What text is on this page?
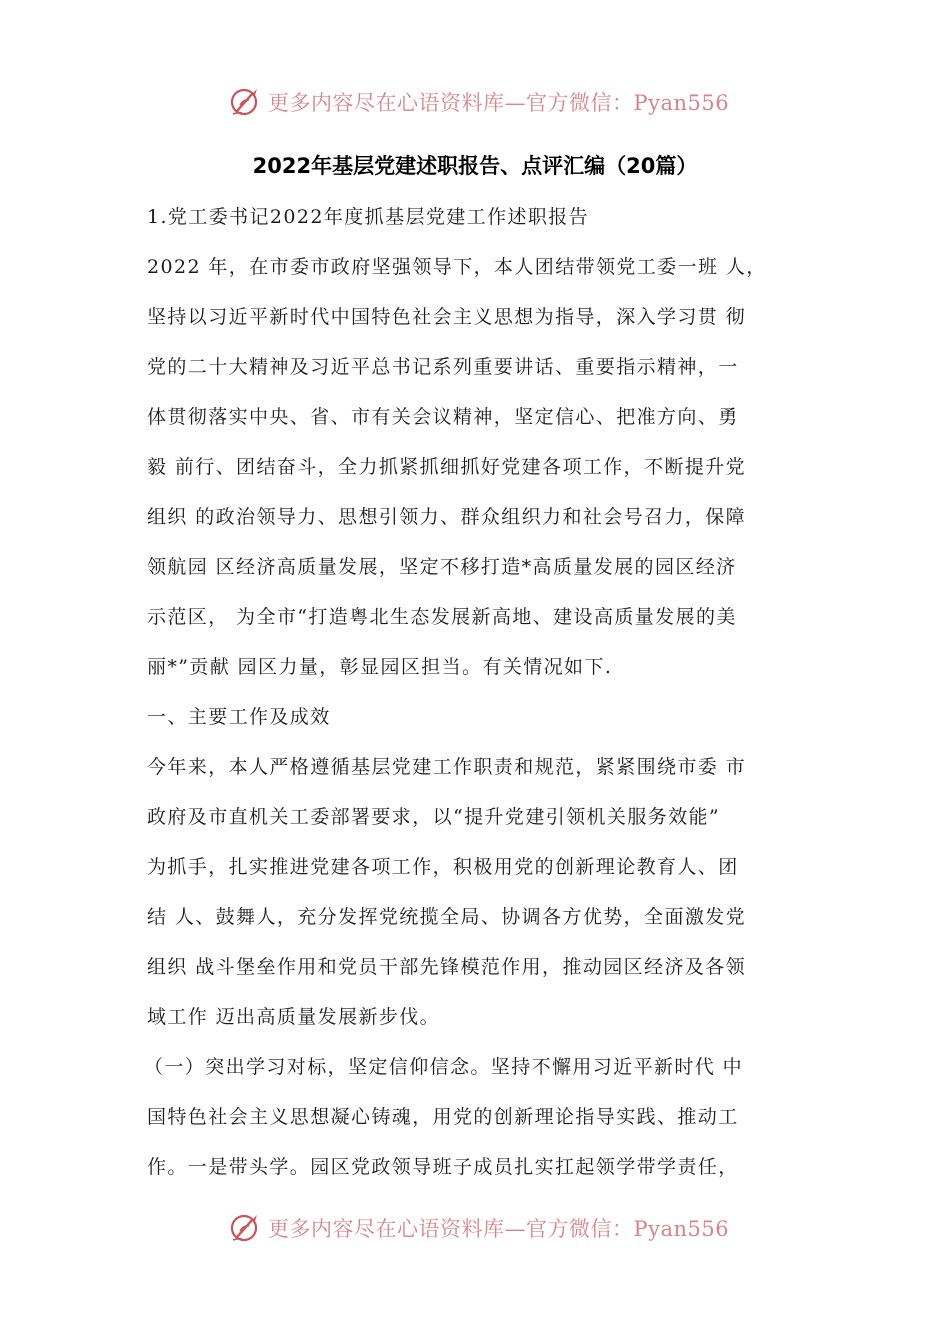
更多内容尽在心语资料库—官方微信：Pyan556
2022年基层党建述职报告、点评汇编（20篇）
1.党工委书记2022年度抓基层党建工作述职报告
2022 年，在市委市政府坚强领导下，本人团结带领党工委一班 人，
坚持以习近平新时代中国特色社会主义思想为指导，深入学习贯 彻
党的二十大精神及习近平总书记系列重要讲话、重要指示精神，一
体贯彻落实中央、省、市有关会议精神，坚定信心、把准方向、勇
毅 前行、团结奋斗，全力抓紧抓细抓好党建各项工作，不断提升党
组织 的政治领导力、思想引领力、群众组织力和社会号召力，保障
领航园 区经济高质量发展，坚定不移打造*高质量发展的园区经济
示范区， 为全市“打造粤北生态发展新高地、建设高质量发展的美
丽*”贡献 园区力量，彰显园区担当。有关情况如下.
一、主要工作及成效
今年来，本人严格遵循基层党建工作职责和规范，紧紧围绕市委 市
政府及市直机关工委部署要求，以“提升党建引领机关服务效能”
为抓手，扎实推进党建各项工作，积极用党的创新理论教育人、团
结 人、鼓舞人，充分发挥党统揽全局、协调各方优势，全面激发党
组织 战斗堡垒作用和党员干部先锋模范作用，推动园区经济及各领
域工作 迈出高质量发展新步伐。
（一）突出学习对标，坚定信仰信念。坚持不懈用习近平新时代 中
国特色社会主义思想凝心铸魂，用党的创新理论指导实践、推动工
作。一是带头学。园区党政领导班子成员扎实扛起领学带学责任，
更多内容尽在心语资料库—官方微信：Pyan556
